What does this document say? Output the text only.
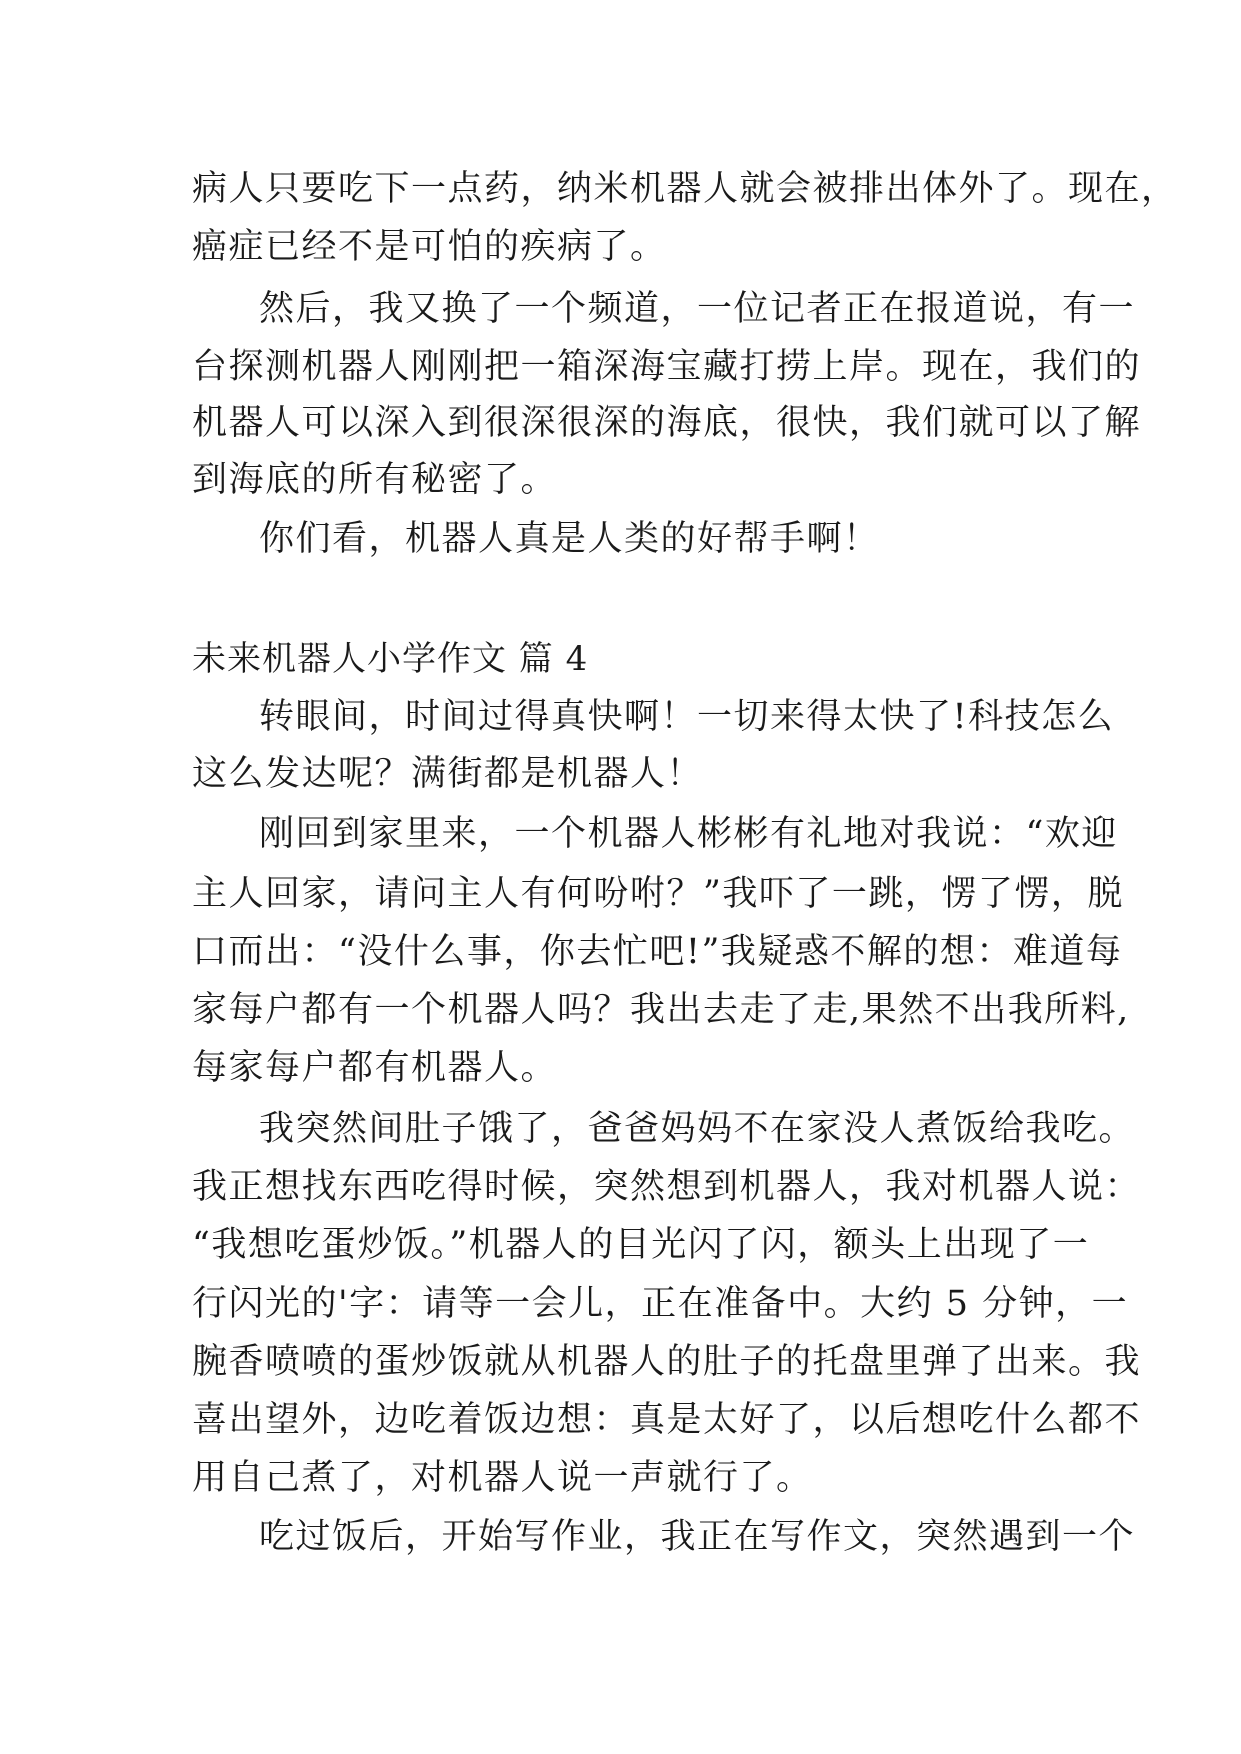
病人只要吃下一点药，纳米机器人就会被排出体外了。现在，
癌症已经不是可怕的疾病了。
然后，我又换了一个频道，一位记者正在报道说，有一
台探测机器人刚刚把一箱深海宝藏打捞上岸。现在，我们的
机器人可以深入到很深很深的海底，很快，我们就可以了解
到海底的所有秘密了。
你们看，机器人真是人类的好帮手啊！
未来机器人小学作文 篇 4
转眼间，时间过得真快啊！一切来得太快了!科技怎么
这么发达呢？满街都是机器人！
刚回到家里来，一个机器人彬彬有礼地对我说：“欢迎
主人回家，请问主人有何吩咐？”我吓了一跳，愣了愣，脱
口而出：“没什么事，你去忙吧!”我疑惑不解的想：难道每
家每户都有一个机器人吗？我出去走了走,果然不出我所料,
每家每户都有机器人。
我突然间肚子饿了，爸爸妈妈不在家没人煮饭给我吃。
我正想找东西吃得时候，突然想到机器人，我对机器人说：
“我想吃蛋炒饭。”机器人的目光闪了闪，额头上出现了一
行闪光的'字：请等一会儿，正在准备中。大约 5 分钟，一
腕香喷喷的蛋炒饭就从机器人的肚子的托盘里弹了出来。我
喜出望外，边吃着饭边想：真是太好了，以后想吃什么都不
用自己煮了，对机器人说一声就行了。
吃过饭后，开始写作业，我正在写作文，突然遇到一个
